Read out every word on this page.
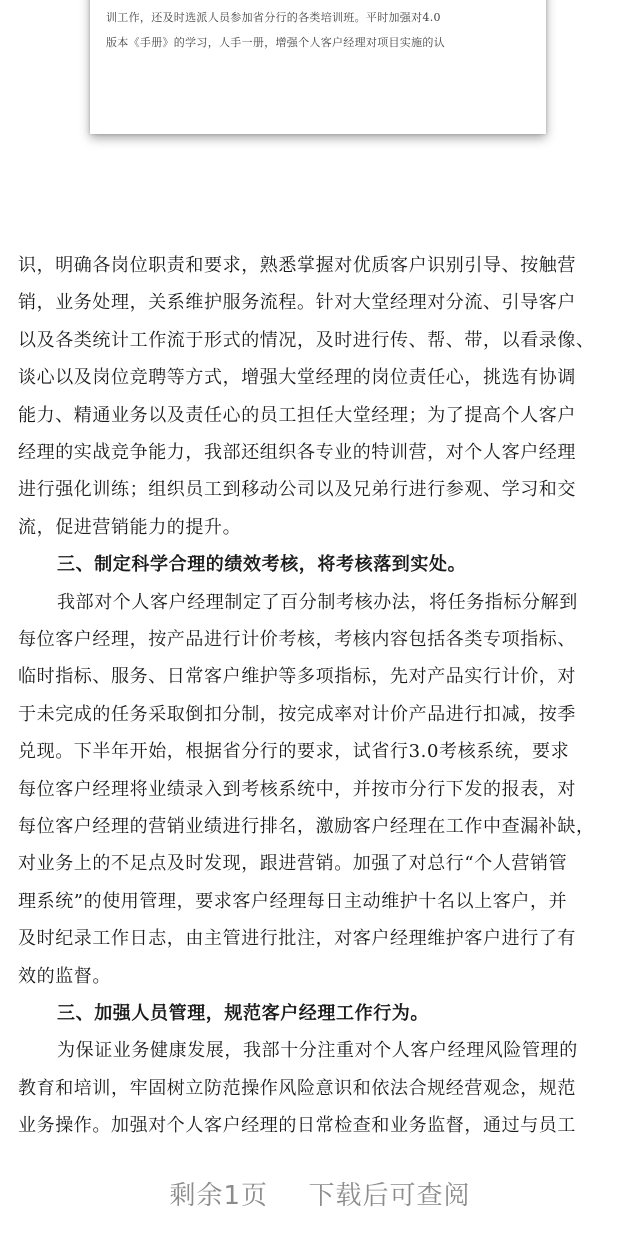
训工作，还及时选派人员参加省分行的各类培训班。平时加强对4.0
版本《手册》的学习，人手一册，增强个人客户经理对项目实施的认
识，明确各岗位职责和要求，熟悉掌握对优质客户识别引导、按触营
销，业务处理，关系维护服务流程。针对大堂经理对分流、引导客户
以及各类统计工作流于形式的情况，及时进行传、帮、带，以看录像、
谈心以及岗位竞聘等方式，增强大堂经理的岗位责任心，挑选有协调
能力、精通业务以及责任心的员工担任大堂经理；为了提高个人客户
经理的实战竞争能力，我部还组织各专业的特训营，对个人客户经理
进行强化训练；组织员工到移动公司以及兄弟行进行参观、学习和交
流，促进营销能力的提升。
三、制定科学合理的绩效考核，将考核落到实处。
我部对个人客户经理制定了百分制考核办法，将任务指标分解到
每位客户经理，按产品进行计价考核，考核内容包括各类专项指标、
临时指标、服务、日常客户维护等多项指标，先对产品实行计价，对
于未完成的任务采取倒扣分制，按完成率对计价产品进行扣减，按季
兑现。下半年开始，根据省分行的要求，试省行3.0考核系统，要求
每位客户经理将业绩录入到考核系统中，并按市分行下发的报表，对
每位客户经理的营销业绩进行排名，激励客户经理在工作中查漏补缺，
对业务上的不足点及时发现，跟进营销。加强了对总行“个人营销管
理系统”的使用管理，要求客户经理每日主动维护十名以上客户，并
及时纪录工作日志，由主管进行批注，对客户经理维护客户进行了有
效的监督。
三、加强人员管理，规范客户经理工作行为。
为保证业务健康发展，我部十分注重对个人客户经理风险管理的
教育和培训，牢固树立防范操作风险意识和依法合规经营观念，规范
业务操作。加强对个人客户经理的日常检查和业务监督，通过与员工
剩余1页 下载后可查阅
